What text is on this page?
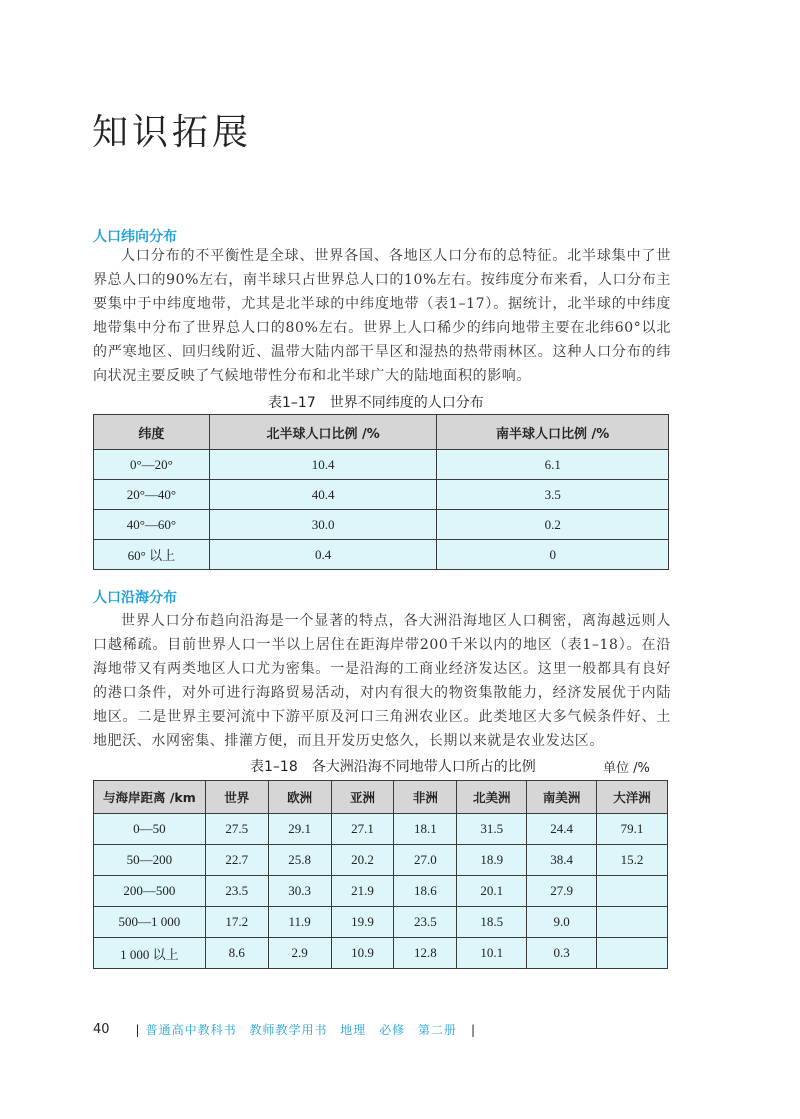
知识拓展
人口纬向分布
人口分布的不平衡性是全球、世界各国、各地区人口分布的总特征。北半球集中了世界总人口的90%左右，南半球只占世界总人口的10%左右。按纬度分布来看，人口分布主要集中于中纬度地带，尤其是北半球的中纬度地带（表1–17）。据统计，北半球的中纬度地带集中分布了世界总人口的80%左右。世界上人口稀少的纬向地带主要在北纬60°以北的严寒地区、回归线附近、温带大陆内部干旱区和湿热的热带雨林区。这种人口分布的纬向状况主要反映了气候地带性分布和北半球广大的陆地面积的影响。
表1–17　世界不同纬度的人口分布
纬度	北半球人口比例 /%	南半球人口比例 /%
0°—20°	10.4	6.1
20°—40°	40.4	3.5
40°—60°	30.0	0.2
60° 以上	0.4	0
人口沿海分布
世界人口分布趋向沿海是一个显著的特点，各大洲沿海地区人口稠密，离海越远则人口越稀疏。目前世界人口一半以上居住在距海岸带200千米以内的地区（表1–18）。在沿海地带又有两类地区人口尤为密集。一是沿海的工商业经济发达区。这里一般都具有良好的港口条件，对外可进行海路贸易活动，对内有很大的物资集散能力，经济发展优于内陆地区。二是世界主要河流中下游平原及河口三角洲农业区。此类地区大多气候条件好、土地肥沃、水网密集、排灌方便，而且开发历史悠久，长期以来就是农业发达区。
表1–18　各大洲沿海不同地带人口所占的比例	单位 /%
与海岸距离 /km	世界	欧洲	亚洲	非洲	北美洲	南美洲	大洋洲
0—50	27.5	29.1	27.1	18.1	31.5	24.4	79.1
50—200	22.7	25.8	20.2	27.0	18.9	38.4	15.2
200—500	23.5	30.3	21.9	18.6	20.1	27.9	
500—1 000	17.2	11.9	19.9	23.5	18.5	9.0	
1 000 以上	8.6	2.9	10.9	12.8	10.1	0.3	
40 | 普通高中教科书 教师教学用书 地理 必修 第二册	|
